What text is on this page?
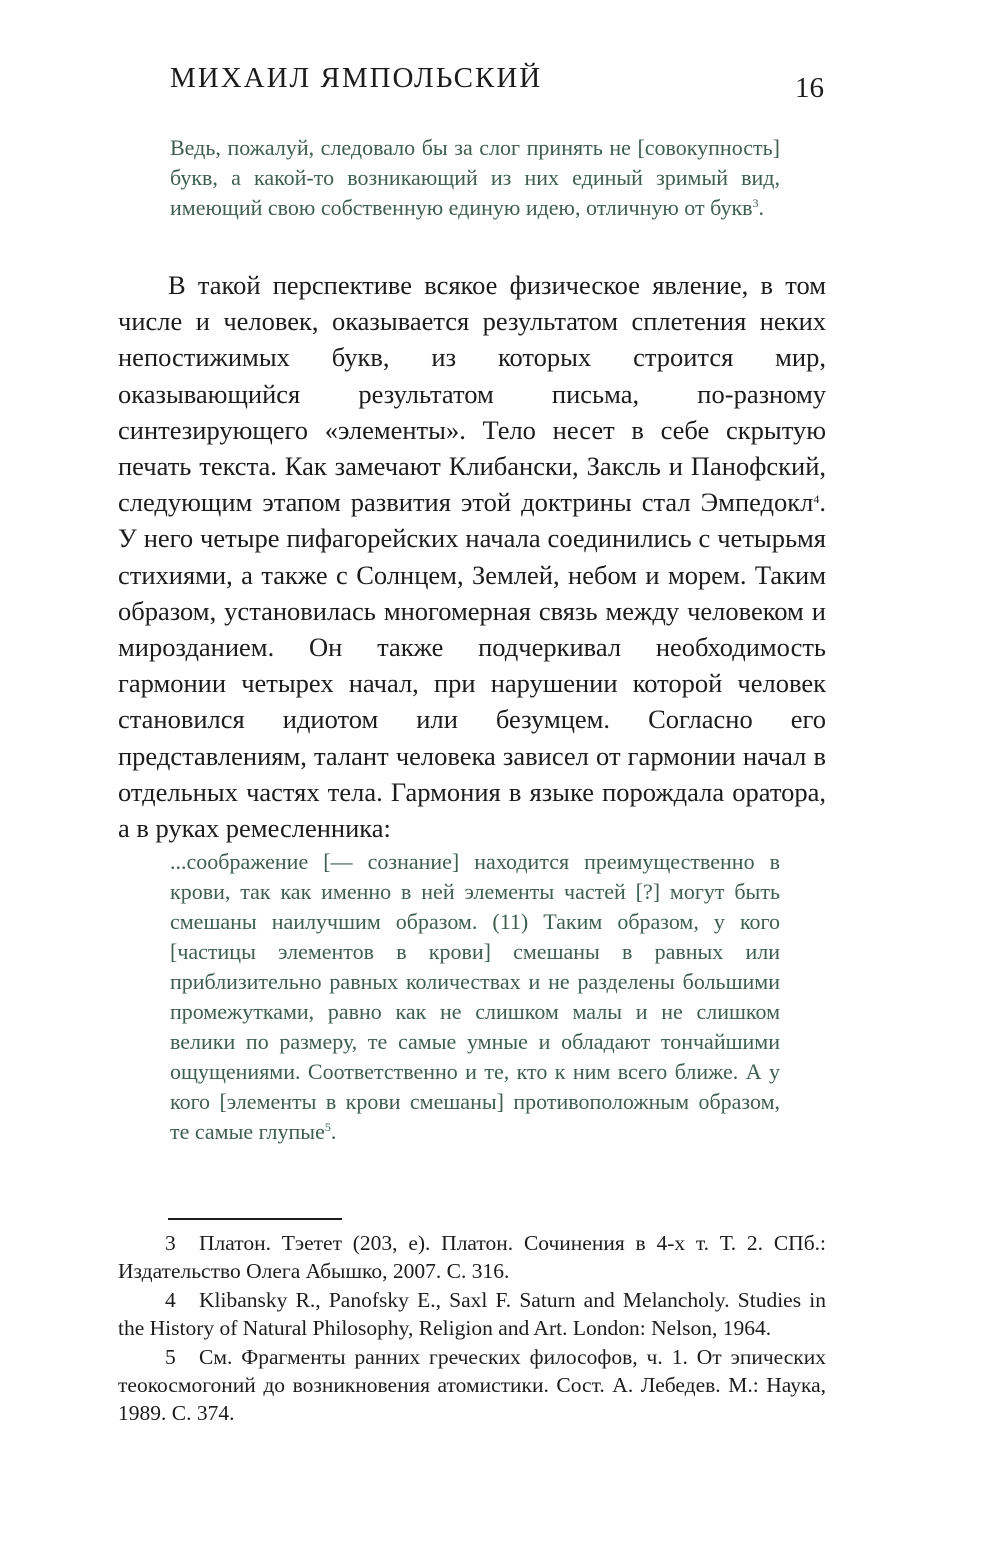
МИХАИЛ ЯМПОЛЬСКИЙ	16
Ведь, пожалуй, следовало бы за слог принять не [совокупность] букв, а какой-то возникающий из них единый зримый вид, имеющий свою собственную единую идею, отличную от букв$^3$.

В такой перспективе всякое физическое явление, в том числе и человек, оказывается результатом сплетения неких непостижимых букв, из которых строится мир, оказывающийся результатом письма, по-разному синтезирующего «элементы». Тело несет в себе скрытую печать текста. Как замечают Клибански, Заксль и Панофский, следующим этапом развития этой доктрины стал Эмпедокл$^4$. У него четыре пифагорейских начала соединились с четырьмя стихиями, а также с Солнцем, Землей, небом и морем. Таким образом, установилась многомерная связь между человеком и мирозданием. Он также подчеркивал необходимость гармонии четырех начал, при нарушении которой человек становился идиотом или безумцем. Согласно его представлениям, талант человека зависел от гармонии начал в отдельных частях тела. Гармония в языке порождала оратора, а в руках ремесленника:

...соображение [— сознание] находится преимущественно в крови, так как именно в ней элементы частей [?] могут быть смешаны наилучшим образом. (11) Таким образом, у кого [частицы элементов в крови] смешаны в равных или приблизительно равных количествах и не разделены большими промежутками, равно как не слишком малы и не слишком велики по размеру, те самые умные и обладают тончайшими ощущениями. Соответственно и те, кто к ним всего ближе. А у кого [элементы в крови смешаны] противоположным образом, те самые глупые$^5$.

3 Платон. Тэетет (203, е). Платон. Сочинения в 4-х т. Т. 2. СПб.: Издательство Олега Абышко, 2007. С. 316.

4 Klibansky R., Panofsky E., Saxl F. Saturn and Melancholy. Studies in the History of Natural Philosophy, Religion and Art. London: Nelson, 1964.

5 См. Фрагменты ранних греческих философов, ч. 1. От эпических теокосмогоний до возникновения атомистики. Сост. А. Лебедев. М.: Наука, 1989. С. 374.
